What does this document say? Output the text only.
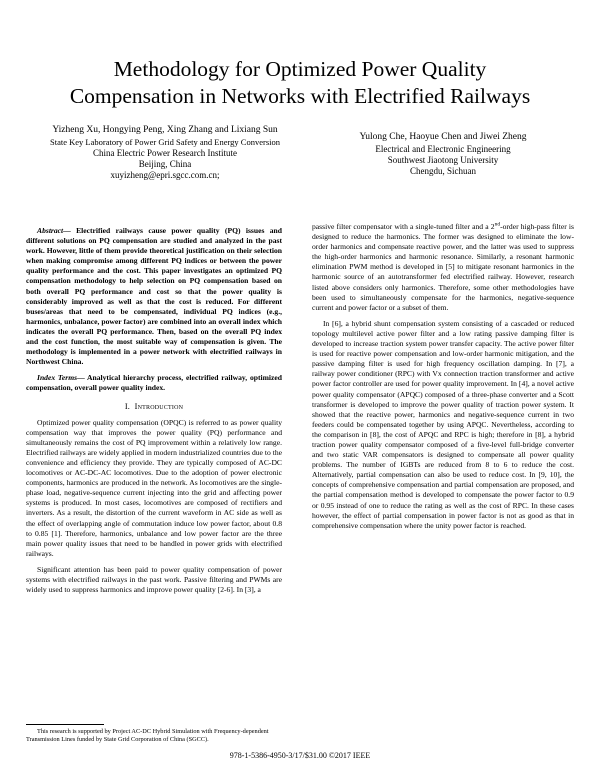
Methodology for Optimized Power Quality
Compensation in Networks with Electrified Railways
Yizheng Xu, Hongying Peng, Xing Zhang and Lixiang Sun
State Key Laboratory of Power Grid Safety and Energy Conversion
China Electric Power Research Institute
Beijing, China
xuyizheng@epri.sgcc.com.cn;
Yulong Che, Haoyue Chen and Jiwei Zheng
Electrical and Electronic Engineering
Southwest Jiaotong University
Chengdu, Sichuan

Abstract— Electrified railways cause power quality (PQ) issues and different solutions on PQ compensation are studied and analyzed in the past work. However, little of them provide theoretical justification on their selection when making compromise among different PQ indices or between the power quality performance and the cost. This paper investigates an optimized PQ compensation methodology to help selection on PQ compensation based on both overall PQ performance and cost so that the power quality is considerably improved as well as that the cost is reduced. For different buses/areas that need to be compensated, individual PQ indices (e.g., harmonics, unbalance, power factor) are combined into an overall index which indicates the overall PQ performance. Then, based on the overall PQ index and the cost function, the most suitable way of compensation is given. The methodology is implemented in a power network with electrified railways in Northwest China.

Index Terms— Analytical hierarchy process, electrified railway, optimized compensation, overall power quality index.

I. Introduction

Optimized power quality compensation (OPQC) is referred to as power quality compensation way that improves the power quality (PQ) performance and simultaneously remains the cost of PQ improvement within a relatively low range. Electrified railways are widely applied in modern industrialized countries due to the convenience and efficiency they provide. They are typically composed of AC-DC locomotives or AC-DC-AC locomotives. Due to the adoption of power electronic components, harmonics are produced in the network. As locomotives are the single-phase load, negative-sequence current injecting into the grid and affecting power systems is produced. In most cases, locomotives are composed of rectifiers and inverters. As a result, the distortion of the current waveform in AC side as well as the effect of overlapping angle of commutation induce low power factor, about 0.8 to 0.85 [1]. Therefore, harmonics, unbalance and low power factor are the three main power quality issues that need to be handled in power grids with electrified railways.

Significant attention has been paid to power quality compensation of power systems with electrified railways in the past work. Passive filtering and PWMs are widely used to suppress harmonics and improve power quality [2-6]. In [3], a

passive filter compensator with a single-tuned filter and a 2nd-order high-pass filter is designed to reduce the harmonics. The former was designed to eliminate the low-order harmonics and compensate reactive power, and the latter was used to suppress the high-order harmonics and harmonic resonance. Similarly, a resonant harmonic elimination PWM method is developed in [5] to mitigate resonant harmonics in the harmonic source of an autotransformer fed electrified railway. However, research listed above considers only harmonics. Therefore, some other methodologies have been used to simultaneously compensate for the harmonics, negative-sequence current and power factor or a subset of them.

In [6], a hybrid shunt compensation system consisting of a cascaded or reduced topology multilevel active power filter and a low rating passive damping filter is developed to increase traction system power transfer capacity. The active power filter is used for reactive power compensation and low-order harmonic mitigation, and the passive damping filter is used for high frequency oscillation damping. In [7], a railway power conditioner (RPC) with Vx connection traction transformer and active power factor controller are used for power quality improvement. In [4], a novel active power quality compensator (APQC) composed of a three-phase converter and a Scott transformer is developed to improve the power quality of traction power system. It showed that the reactive power, harmonics and negative-sequence current in two feeders could be compensated together by using APQC. Nevertheless, according to the comparison in [8], the cost of APQC and RPC is high; therefore in [8], a hybrid traction power quality compensator composed of a five-level full-bridge converter and two static VAR compensators is designed to compensate all power quality problems. The number of IGBTs are reduced from 8 to 6 to reduce the cost. Alternatively, partial compensation can also be used to reduce cost. In [9, 10], the concepts of comprehensive compensation and partial compensation are proposed, and the partial compensation method is developed to compensate the power factor to 0.9 or 0.95 instead of one to reduce the rating as well as the cost of RPC. In these cases however, the effect of partial compensation in power factor is not as good as that in comprehensive compensation where the unity power factor is reached.

This research is supported by Project AC-DC Hybrid Simulation with Frequency-dependent Transmission Lines funded by State Grid Corporation of China (SGCC).
978-1-5386-4950-3/17/$31.00 ©2017 IEEE
